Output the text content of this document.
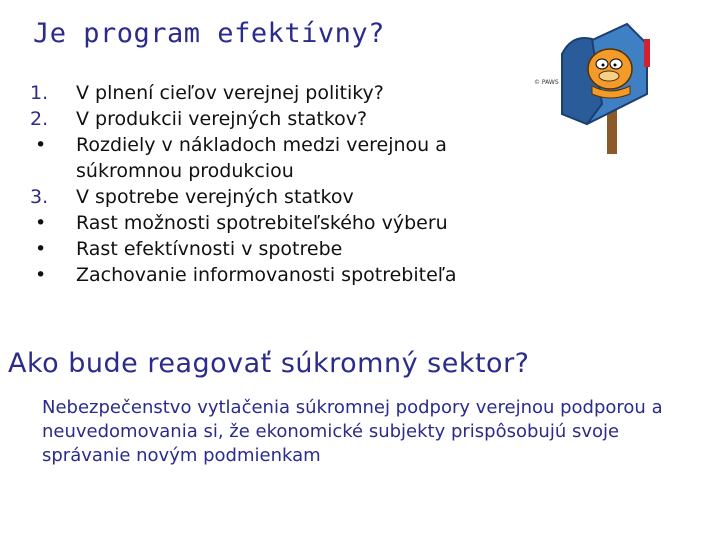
Je program efektívny?
1.	V plnení cieľov verejnej politiky?
2.	V produkcii verejných statkov?
•	Rozdiely v nákladoch medzi verejnou a súkromnou produkciou
3.	V spotrebe verejných statkov
•	Rast možnosti spotrebiteľského výberu
•	Rast efektívnosti v spotrebe
•	Zachovanie informovanosti spotrebiteľa
© PAWS
Ako bude reagovať súkromný sektor?
Nebezpečenstvo vytlačenia súkromnej podpory verejnou podporou a neuvedomovania si, že ekonomické subjekty prispôsobujú svoje správanie novým podmienkam
